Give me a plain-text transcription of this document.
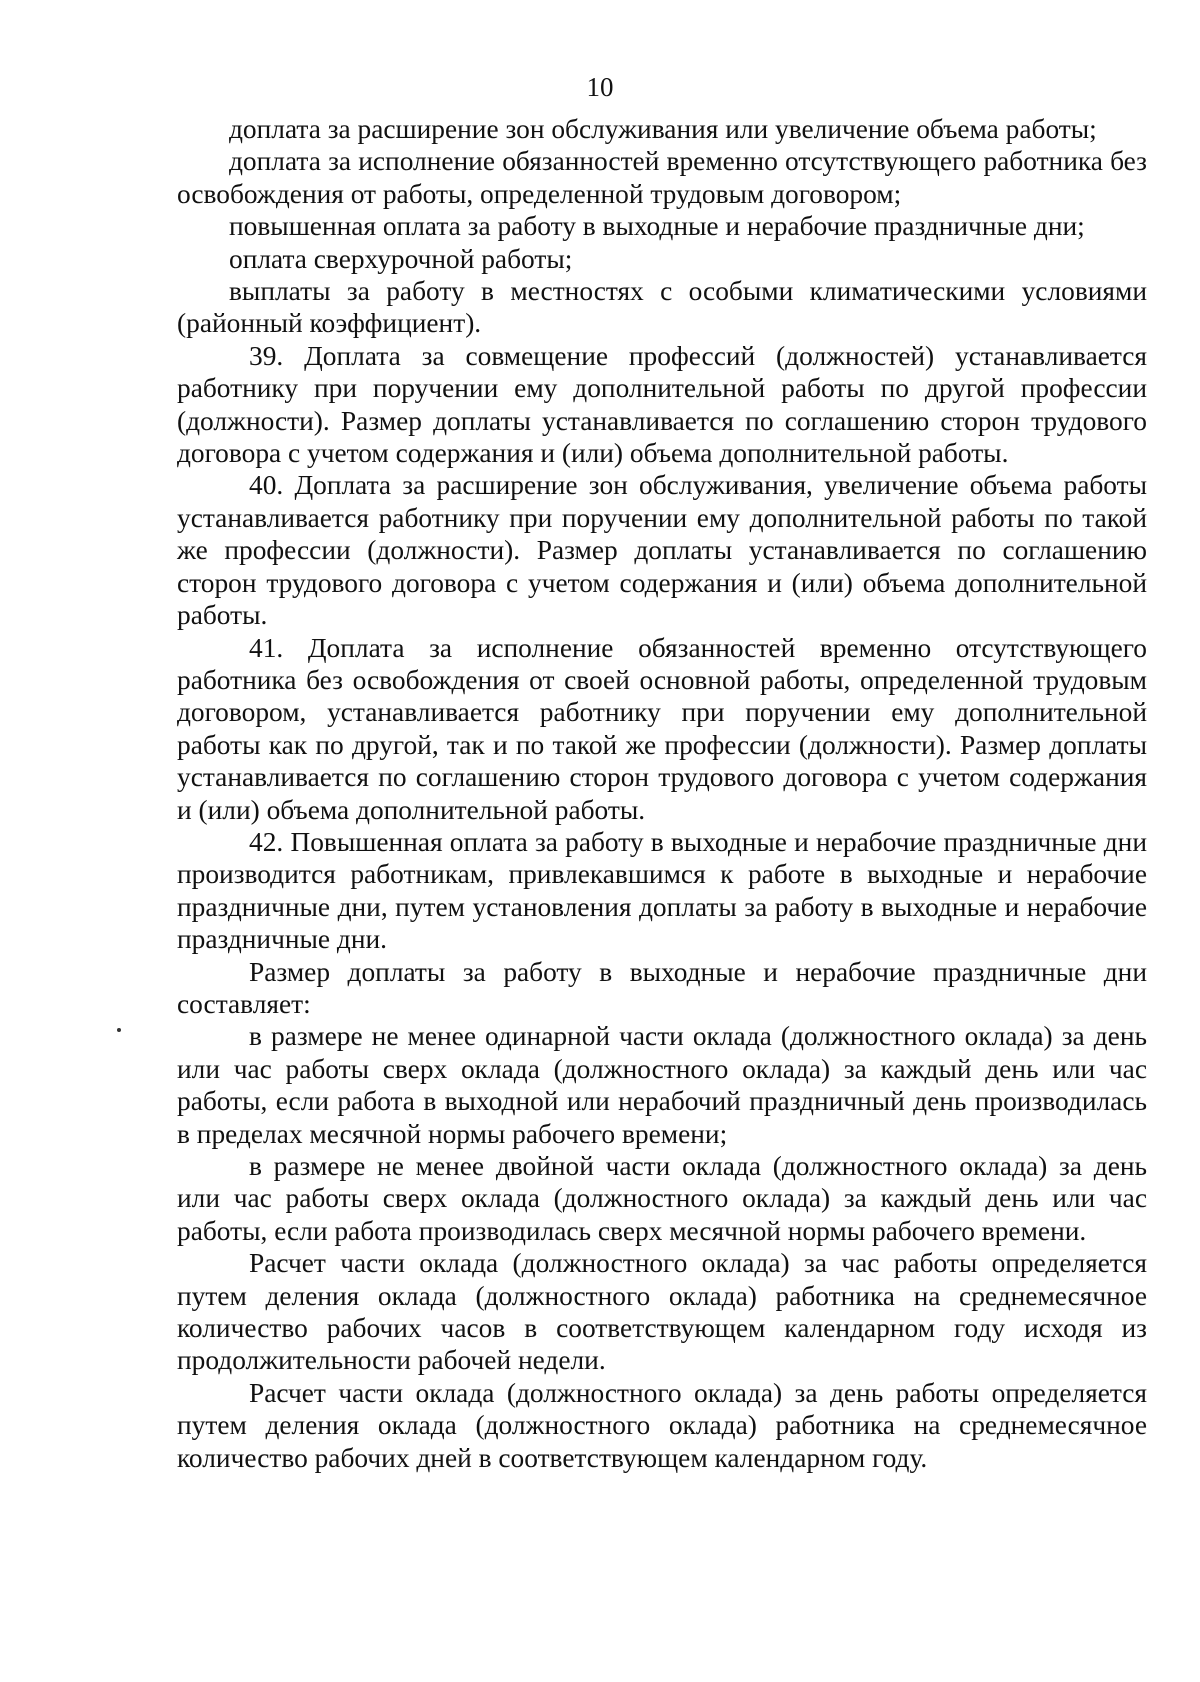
10

доплата за расширение зон обслуживания или увеличение объема работы;

доплата за исполнение обязанностей временно отсутствующего работника без освобождения от работы, определенной трудовым договором;

повышенная оплата за работу в выходные и нерабочие праздничные дни;

оплата сверхурочной работы;

выплаты за работу в местностях с особыми климатическими условиями (районный коэффициент).

39. Доплата за совмещение профессий (должностей) устанавливается работнику при поручении ему дополнительной работы по другой профессии (должности). Размер доплаты устанавливается по соглашению сторон трудового договора с учетом содержания и (или) объема дополнительной работы.

40. Доплата за расширение зон обслуживания, увеличение объема работы устанавливается работнику при поручении ему дополнительной работы по такой же профессии (должности). Размер доплаты устанавливается по соглашению сторон трудового договора с учетом содержания и (или) объема дополнительной работы.

41. Доплата за исполнение обязанностей временно отсутствующего работника без освобождения от своей основной работы, определенной трудовым договором, устанавливается работнику при поручении ему дополнительной работы как по другой, так и по такой же профессии (должности). Размер доплаты устанавливается по соглашению сторон трудового договора с учетом содержания и (или) объема дополнительной работы.

42. Повышенная оплата за работу в выходные и нерабочие праздничные дни производится работникам, привлекавшимся к работе в выходные и нерабочие праздничные дни, путем установления доплаты за работу в выходные и нерабочие праздничные дни.

Размер доплаты за работу в выходные и нерабочие праздничные дни составляет:

в размере не менее одинарной части оклада (должностного оклада) за день или час работы сверх оклада (должностного оклада) за каждый день или час работы, если работа в выходной или нерабочий праздничный день производилась в пределах месячной нормы рабочего времени;

в размере не менее двойной части оклада (должностного оклада) за день или час работы сверх оклада (должностного оклада) за каждый день или час работы, если работа производилась сверх месячной нормы рабочего времени.

Расчет части оклада (должностного оклада) за час работы определяется путем деления оклада (должностного оклада) работника на среднемесячное количество рабочих часов в соответствующем календарном году исходя из продолжительности рабочей недели.

Расчет части оклада (должностного оклада) за день работы определяется путем деления оклада (должностного оклада) работника на среднемесячное количество рабочих дней в соответствующем календарном году.
